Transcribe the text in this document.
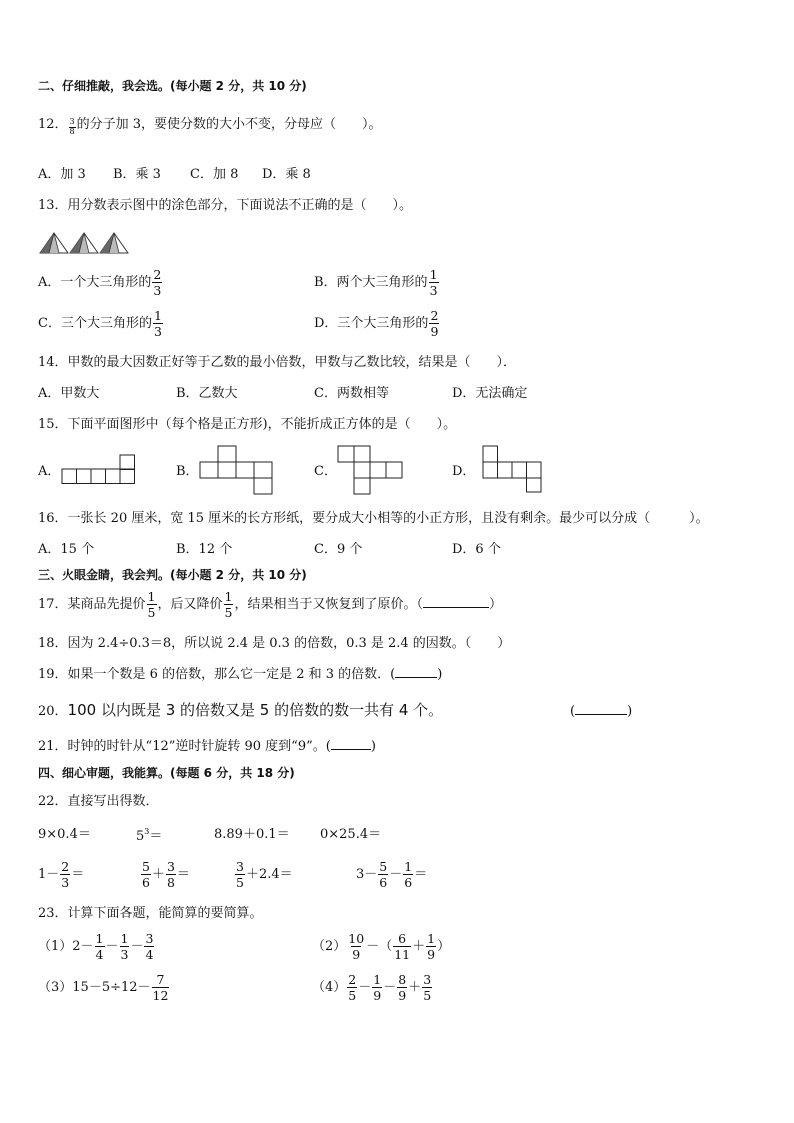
二、仔细推敲，我会选。(每小题 2 分，共 10 分)
12． $\frac{3}{8}$ 的分子加 3，要使分数的大小不变，分母应（　　）。
A．加 3 B．乘 3 C．加 8 D．乘 8
13．用分数表示图中的涂色部分，下面说法不正确的是（　　）。
A．一个大三角形的 $\frac{2}{3}$	B．两个大三角形的 $\frac{1}{3}$
C．三个大三角形的 $\frac{1}{3}$	D．三个大三角形的 $\frac{2}{9}$
14．甲数的最大因数正好等于乙数的最小倍数，甲数与乙数比较，结果是（　　）．
A．甲数大	B．乙数大	C．两数相等	D．无法确定
15．下面平面图形中（每个格是正方形)，不能折成正方体的是（　　）。
A．	B．	C．	D．
16．一张长 20 厘米，宽 15 厘米的长方形纸，要分成大小相等的小正方形，且没有剩余。最少可以分成（　　　）。
A．15 个	B．12 个	C．9 个	D．6 个
三、火眼金睛，我会判。(每小题 2 分，共 10 分)
17．某商品先提价 $\frac{1}{5}$ ，后又降价 $\frac{1}{5}$ ，结果相当于又恢复到了原价。（	）
18．因为 2.4÷0.3＝8，所以说 2.4 是 0.3 的倍数，0.3 是 2.4 的因数。（　　）
19．如果一个数是 6 的倍数，那么它一定是 2 和 3 的倍数．(	)
20．100 以内既是 3 的倍数又是 5 的倍数的数一共有 4 个。	(	)
21．时钟的时针从“12”逆时针旋转 90 度到“9”。(	)
四、细心审题，我能算。(每题 6 分，共 18 分)
22．直接写出得数．
9×0.4＝	$5^3=$	8.89＋0.1＝ 0×25.4＝
$1- \frac{2}{3}$ ＝	$\frac{5}{6} + \frac{3}{8}$ ＝	$\frac{3}{5} +2.4=$	$3- \frac{5}{6} - \frac{1}{6}$ ＝
23．计算下面各题，能简算的要简算。
$(1)2- \frac{1}{4} - \frac{1}{3} - \frac{3}{4}$	$(2) \frac{10}{9}$ －（ $\frac{6}{11} + \frac{1}{9}$ ）
$(3)15-5\div 12- \frac{7}{12}$	$(4) \frac{2}{5} - \frac{1}{9} - \frac{8}{9} + \frac{3}{5}$
